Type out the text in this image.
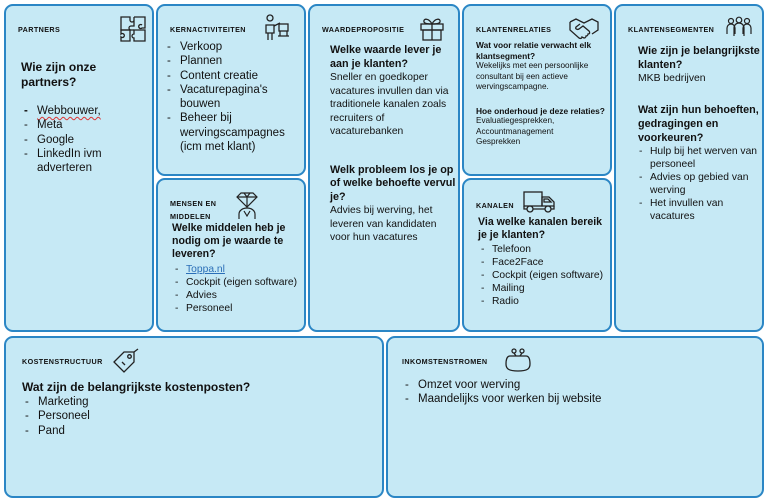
PARTNERS

Wie zijn onze partners?

- Webbouwer,
- Meta
- Google
- LinkedIn ivm adverteren
KERNACTIVITEITEN
- Verkoop
- Plannen
- Content creatie
- Vacaturepagina's bouwen
- Beheer bij wervingscampagnes (icm met klant)
MENSEN EN
MIDDELEN

Welke middelen heb je nodig om je waarde te leveren?

- Toppa.nl
- Cockpit (eigen software)
- Advies
- Personeel
WAARDEPROPOSITIE

Welke waarde lever je aan je klanten?

Sneller en goedkoper vacatures invullen dan via traditionele kanalen zoals recruiters of vacaturebanken

Welk probleem los je op of welke behoefte vervul je?

Advies bij werving, het leveren van kandidaten voor hun vacatures

KLANTENRELATIES

Wat voor relatie verwacht elk klantsegment?

Wekelijks met een persoonlijke consultant bij een actieve wervingscampagne.

Hoe onderhoud je deze relaties?

Evaluatiegesprekken,
Accountmanagement
Gesprekken

KANALEN

Via welke kanalen bereik je je klanten?

- Telefoon
- Face2Face
- Cockpit (eigen software)
- Mailing
- Radio
KLANTENSEGMENTEN

Wie zijn je belangrijkste klanten?

MKB bedrijven

Wat zijn hun behoeften, gedragingen en voorkeuren?

- Hulp bij het werven van personeel
- Advies op gebied van werving
- Het invullen van vacatures
KOSTENSTRUCTUUR

Wat zijn de belangrijkste kostenposten?

- Marketing
- Personeel
- Pand
INKOMSTENSTROMEN
- Omzet voor werving
- Maandelijks voor werken bij website
